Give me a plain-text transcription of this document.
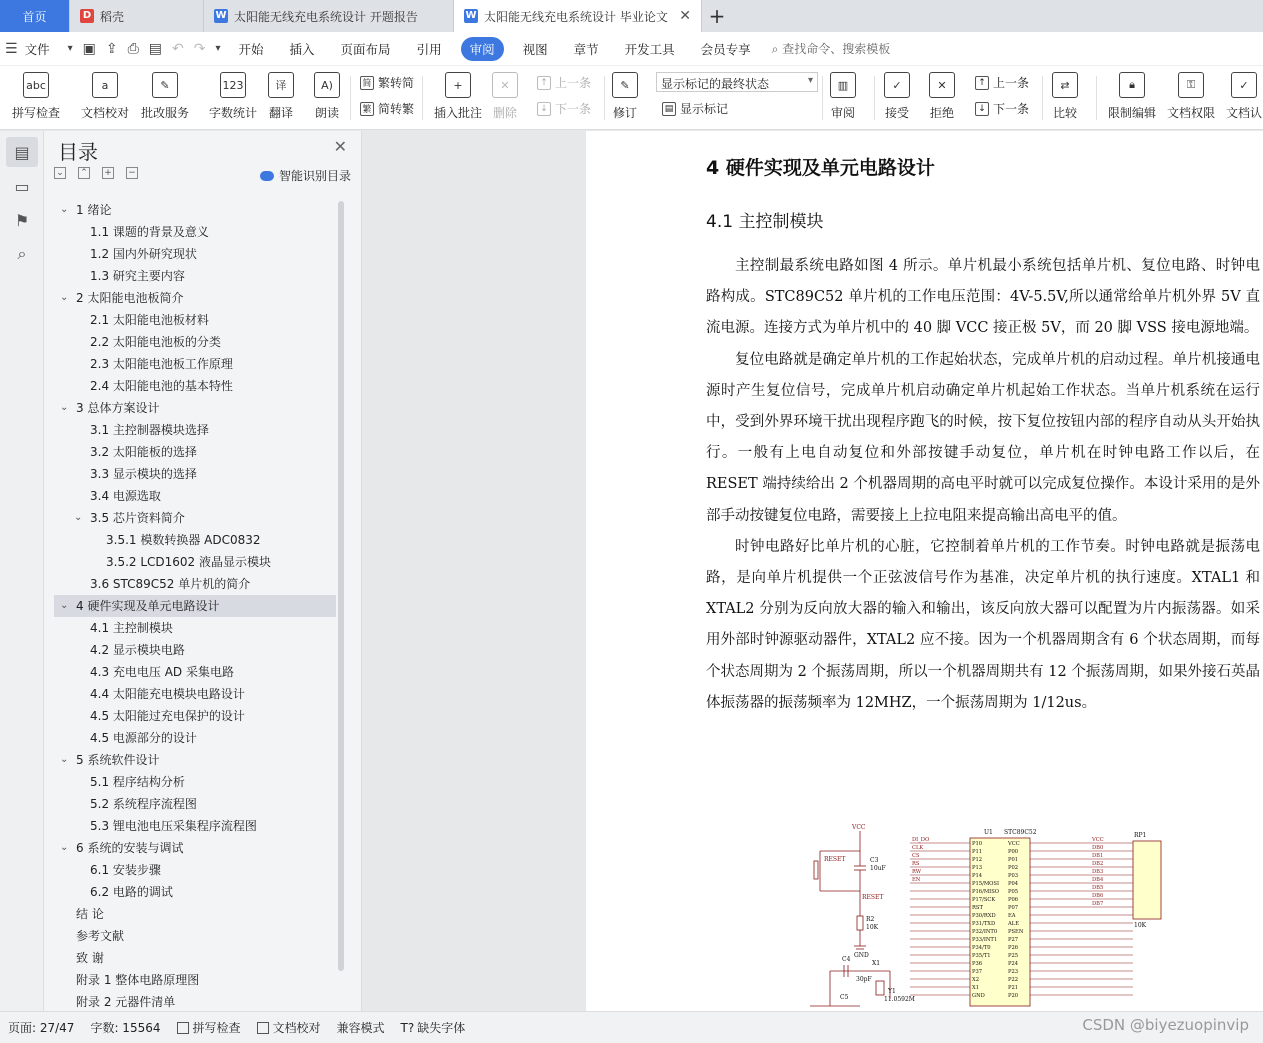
首页	D 稻壳	W 太阳能无线充电系统设计 开题报告	W 太阳能无线充电系统设计 毕业论文 ✕ +
☰ 文件	▾ ▣ ⇪ ⎙ ▤ ↶ ↷	▾	开始	插入	页面布局	引用	审阅	视图	章节	开发工具	会员专享	⌕ 查找命令、搜索模板
abc
拼写检查
a
文档校对
✎
批改服务
123
字数统计
译
翻译
A)
朗读
简 繁转简
繁 简转繁
+
插入批注
✕
删除
↑ 上一条
↓ 下一条
✎
修订
显示标记的最终状态 ▾
▤ 显示标记
▥
审阅
✓
接受
✕
拒绝
↑ 上一条
↓ 下一条
⇄
比较
🔒︎
限制编辑
⚿
文档权限
✓
文档认
▤
▭
⚑
⌕
目录	✕
⌄ ⌃ + −	智能识别目录
⌄ 1 绪论
1.1 课题的背景及意义
1.2 国内外研究现状
1.3 研究主要内容
⌄ 2 太阳能电池板简介
2.1 太阳能电池板材料
2.2 太阳能电池板的分类
2.3 太阳能电池板工作原理
2.4 太阳能电池的基本特性
⌄ 3 总体方案设计
3.1 主控制器模块选择
3.2 太阳能板的选择
3.3 显示模块的选择
3.4 电源选取
⌄ 3.5 芯片资料简介
3.5.1 模数转换器 ADC0832
3.5.2 LCD1602 液晶显示模块
3.6 STC89C52 单片机的简介
⌄ 4 硬件实现及单元电路设计
4.1 主控制模块
4.2 显示模块电路
4.3 充电电压 AD 采集电路
4.4 太阳能充电模块电路设计
4.5 太阳能过充电保护的设计
4.5 电源部分的设计
⌄ 5 系统软件设计
5.1 程序结构分析
5.2 系统程序流程图
5.3 锂电池电压采集程序流程图
⌄ 6 系统的安装与调试
6.1 安装步骤
6.2 电路的调试
结 论
参考文献
致 谢
附录 1 整体电路原理图
附录 2 元器件清单
4 硬件实现及单元电路设计
4.1 主控制模块

主控制最系统电路如图 4 所示。单片机最小系统包括单片机、复位电路、时钟电路构成。STC89C52 单片机的工作电压范围：4V-5.5V,所以通常给单片机外界 5V 直流电源。连接方式为单片机中的 40 脚 VCC 接正极 5V，而 20 脚 VSS 接电源地端。

复位电路就是确定单片机的工作起始状态，完成单片机的启动过程。单片机接通电源时产生复位信号，完成单片机启动确定单片机起始工作状态。当单片机系统在运行中，受到外界环境干扰出现程序跑飞的时候，按下复位按钮内部的程序自动从头开始执行。一般有上电自动复位和外部按键手动复位，单片机在时钟电路工作以后，在 RESET 端持续给出 2 个机器周期的高电平时就可以完成复位操作。本设计采用的是外部手动按键复位电路，需要接上上拉电阻来提高输出高电平的值。

时钟电路好比单片机的心脏，它控制着单片机的工作节奏。时钟电路就是振荡电路，是向单片机提供一个正弦波信号作为基准，决定单片机的执行速度。XTAL1 和 XTAL2 分别为反向放大器的输入和输出，该反向放大器可以配置为片内振荡器。如采用外部时钟源驱动器件，XTAL2 应不接。因为一个机器周期含有 6 个状态周期，而每个状态周期为 2 个振荡周期，所以一个机器周期共有 12 个振荡周期，如果外接石英晶体振荡器的振荡频率为 12MHZ，一个振荡周期为 1/12us。

VCC
RESET	C3
10uF
RESET
R2
10K
GND
C4
30pF
C5
X1
Y1
11.0592M
U1 STC89C52	RP1
10K
P10
P11
P12
P13
P14
P15/MOSI
P16/MISO
P17/SCK
RST
P30/RXD
P31/TXD
P32/INT0
P33/INT1
P34/T0
P35/T1
P36
P37
X2
X1
GND
VCC
P00
P01
P02
P03
P04
P05
P06
P07
EA
ALE
PSEN
P27
P26
P25
P24
P23
P22
P21
P20
DI_DO
CLK
CS
RS
RW
EN
VCC
DB0
DB1
DB2
DB3
DB4
DB5
DB6
DB7
页面: 27/47	字数: 15564	拼写检查	文档校对	兼容模式	T? 缺失字体	CSDN @biyezuopinvip
